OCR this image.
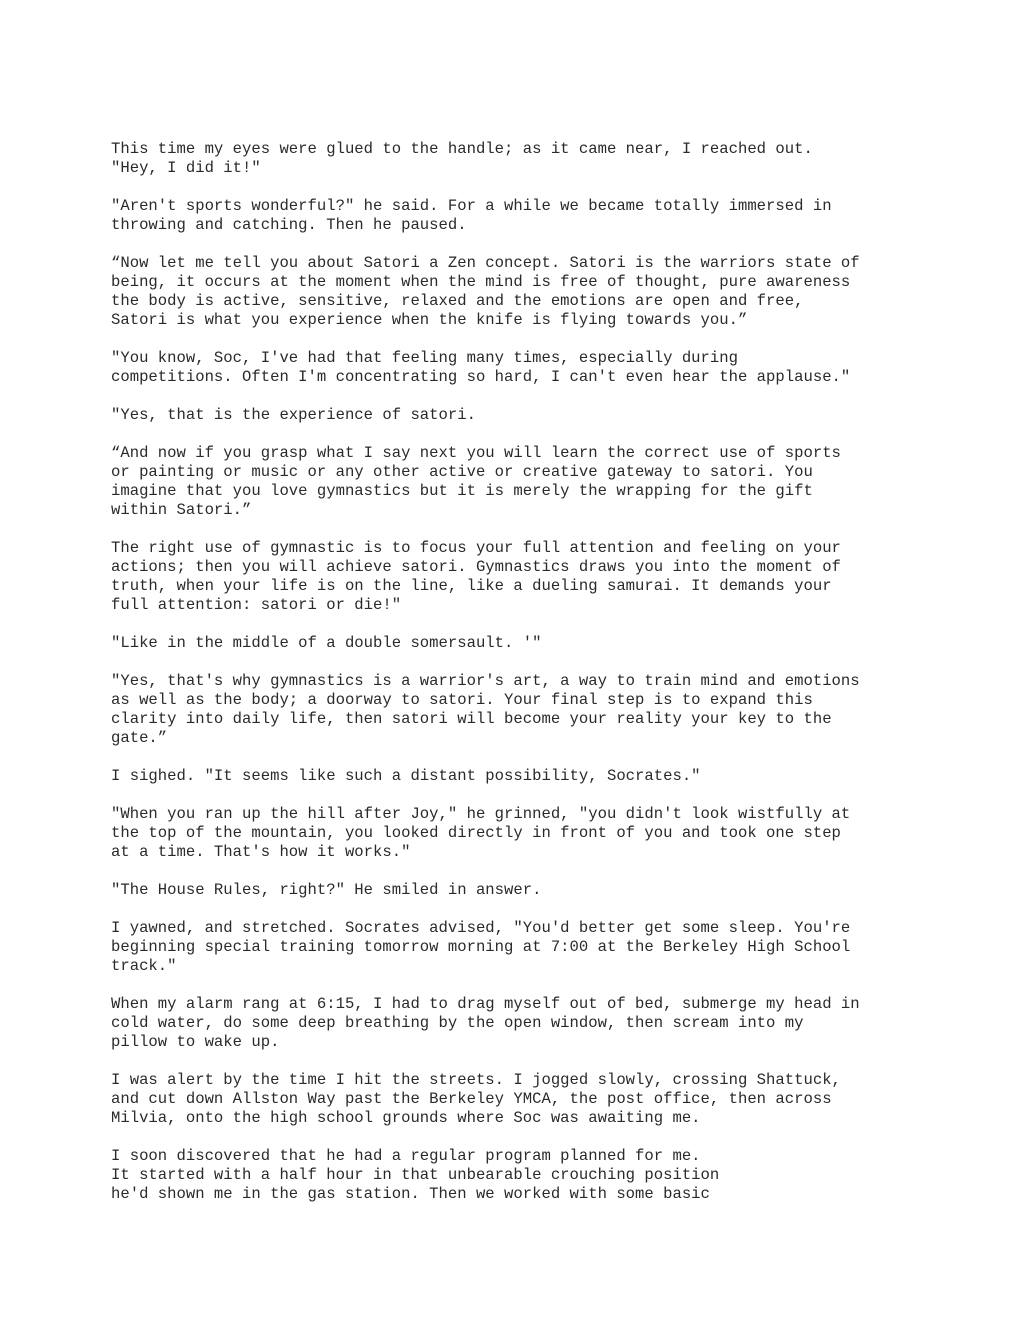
This time my eyes were glued to the handle; as it came near, I reached out.
"Hey, I did it!"

"Aren't sports wonderful?" he said. For a while we became totally immersed in
throwing and catching. Then he paused.

“Now let me tell you about Satori a Zen concept. Satori is the warriors state of
being, it occurs at the moment when the mind is free of thought, pure awareness
the body is active, sensitive, relaxed and the emotions are open and free,
Satori is what you experience when the knife is flying towards you.”

"You know, Soc, I've had that feeling many times, especially during
competitions. Often I'm concentrating so hard, I can't even hear the applause."

"Yes, that is the experience of satori.

“And now if you grasp what I say next you will learn the correct use of sports
or painting or music or any other active or creative gateway to satori. You
imagine that you love gymnastics but it is merely the wrapping for the gift
within Satori.”

The right use of gymnastic is to focus your full attention and feeling on your
actions; then you will achieve satori. Gymnastics draws you into the moment of
truth, when your life is on the line, like a dueling samurai. It demands your
full attention: satori or die!"

"Like in the middle of a double somersault. '"

"Yes, that's why gymnastics is a warrior's art, a way to train mind and emotions
as well as the body; a doorway to satori. Your final step is to expand this
clarity into daily life, then satori will become your reality your key to the
gate.”

I sighed. "It seems like such a distant possibility, Socrates."

"When you ran up the hill after Joy," he grinned, "you didn't look wistfully at
the top of the mountain, you looked directly in front of you and took one step
at a time. That's how it works."

"The House Rules, right?" He smiled in answer.

I yawned, and stretched. Socrates advised, "You'd better get some sleep. You're
beginning special training tomorrow morning at 7:00 at the Berkeley High School
track."

When my alarm rang at 6:15, I had to drag myself out of bed, submerge my head in
cold water, do some deep breathing by the open window, then scream into my
pillow to wake up.

I was alert by the time I hit the streets. I jogged slowly, crossing Shattuck,
and cut down Allston Way past the Berkeley YMCA, the post office, then across
Milvia, onto the high school grounds where Soc was awaiting me.

I soon discovered that he had a regular program planned for me.
It started with a half hour in that unbearable crouching position
he'd shown me in the gas station. Then we worked with some basic
